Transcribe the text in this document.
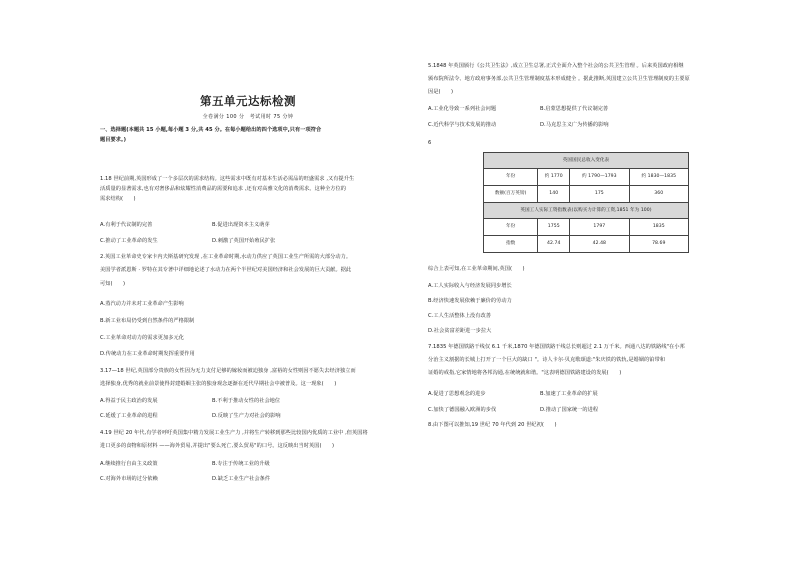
第五单元达标检测
全卷满分 100 分　考试用时 75 分钟
一、选择题(本题共 15 小题,每小题 3 分,共 45 分。在每小题给出的四个选项中,只有一项符合
题目要求。)
1.18 世纪前期,英国形成了一个多层次的需求结构。这些需求中既有对基本生活必需品的旺盛需求 ,又有提升生
活质量的显著需求,也有对奢侈品和炫耀性消费品的需要和追求 ,还有对高雅文化的消费需求。这种全方位的
需求结构(　　)
A.有利于代议制的完善	B.促进出现资本主义萌芽
C.推动了工业革命的发生	D.刺激了英国开始殖民扩张
2.英国工业革命史专家卡内夫斯基研究发现 ,在工业革命时期,水动力供应了英国工业生产所需的大部分动力。
美国学者派恩斯 · 罗特在其专著中详细地论述了水动力在两个半世纪对美国经济和社会发展的巨大贡献。据此
可知(　　)
A.蒸汽动力并未对工业革命产生影响
B.新工业布局仍受到自然条件的严格限制
C.工业革命对动力的需求更加多元化
D.传统动力在工业革命时期发挥重要作用
3.17—18 世纪,英国部分贵族的女性因为无力支付足够的嫁妆而被迫独身 ,富裕的女性则因不愿失去经济独立而
选择独身,优秀的就业前景使得封建婚姻主张的独身观念逐渐在近代早期社会中被普及。这一现象(　　)
A.得益于民主政治的发展	B.不利于推动女性的社会地位
C.延缓了工业革命的进程	D.反映了生产力对社会的影响
4.19 世纪 20 年代,有学者呼吁英国集中精力发展工业生产力 ,并将生产转移到那些比较国内优质的工业中 ,但英国将
进口更多的食物和原材料 ——海外贸易,并提出"要么死亡,要么贸易"的口号。这反映出当时英国(　　)
A.继续推行自由主义政策	B.专注于传统工业的升级
C.对海外市场的过分依赖	D.缺乏工业生产社会条件
5.1848 年英国颁行《公共卫生法》,成立卫生总署,正式全面介入整个社会的公共卫生管理 。后来英国政府相继
颁布院所法令、地方政府事务部,公共卫生管理制度基本形成健全 。据此推断,英国建立公共卫生管理制度的主要原
因是(　　)
A.工业化导致一系列社会问题	B.启蒙思想提供了代议制完善
C.近代科学与技术发展的推动	D.马克思主义广为传播的影响
6
英国国民总收入变化表			
年份	约 1770	约 1790—1793	约 1830—1835
数额(百万英镑)	140	175	360
英国工人实际工资指数表(以购买力计算的工资,1851 年为 100)			
年份	1755	1797	1835
指数	42.74	42.48	78.69
综合上表可知,在工业革命期间,英国(　　)
A.工人实际收入与经济发展同步增长
B.经济快速发展依赖于廉价的劳动力
C.工人生活整体上没有改善
D.社会贫富差距进一步拉大
7.1835 年德国铁路干线仅 6.1 千米,1870 年德国铁路干线总长则超过 2.1 万千米。西通八达的铁路线"在小邦
分治主义割据的长城上打开了一个巨大的缺口 "。诗人卡尔·贝克歌颂道:"朱庆铁的铁轨,是婚姻的铂带和
证婚的戒指,它家情地将各邦沟通,在统统就和谐。"这表明德国铁路建设的发展(　　)
A.促进了思想观念的进步	B.加速了工业革命的扩展
C.加快了德国融入欧洲的步伐	D.推动了国家统一的进程
8.由下图可以推知,19 世纪 70 年代到 20 世纪初(　　)
